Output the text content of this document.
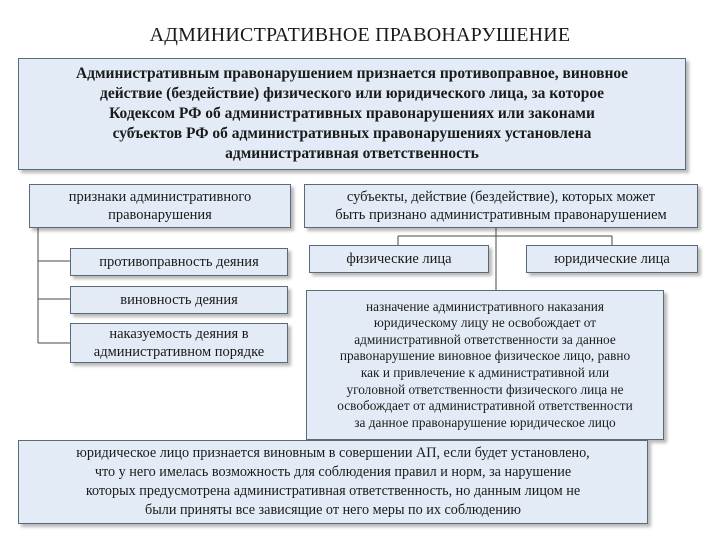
АДМИНИСТРАТИВНОЕ ПРАВОНАРУШЕНИЕ
Административным правонарушением признается противоправное, виновное
действие (бездействие) физического или юридического лица, за которое
Кодексом РФ об административных правонарушениях или законами
субъектов РФ об административных правонарушениях установлена
административная ответственность
признаки административного
правонарушения
субъекты, действие (бездействие), которых может
быть признано административным правонарушением
противоправность деяния	физические лица	юридические лица
виновность деяния
наказуемость деяния в
административном порядке
назначение административного наказания
юридическому лицу не освобождает от
административной ответственности за данное
правонарушение виновное физическое лицо, равно
как и привлечение к административной или
уголовной ответственности физического лица не
освобождает от административной ответственности
за данное правонарушение юридическое лицо
юридическое лицо признается виновным в совершении АП, если будет установлено,
что у него имелась возможность для соблюдения правил и норм, за нарушение
которых предусмотрена административная ответственность, но данным лицом не
были приняты все зависящие от него меры по их соблюдению
